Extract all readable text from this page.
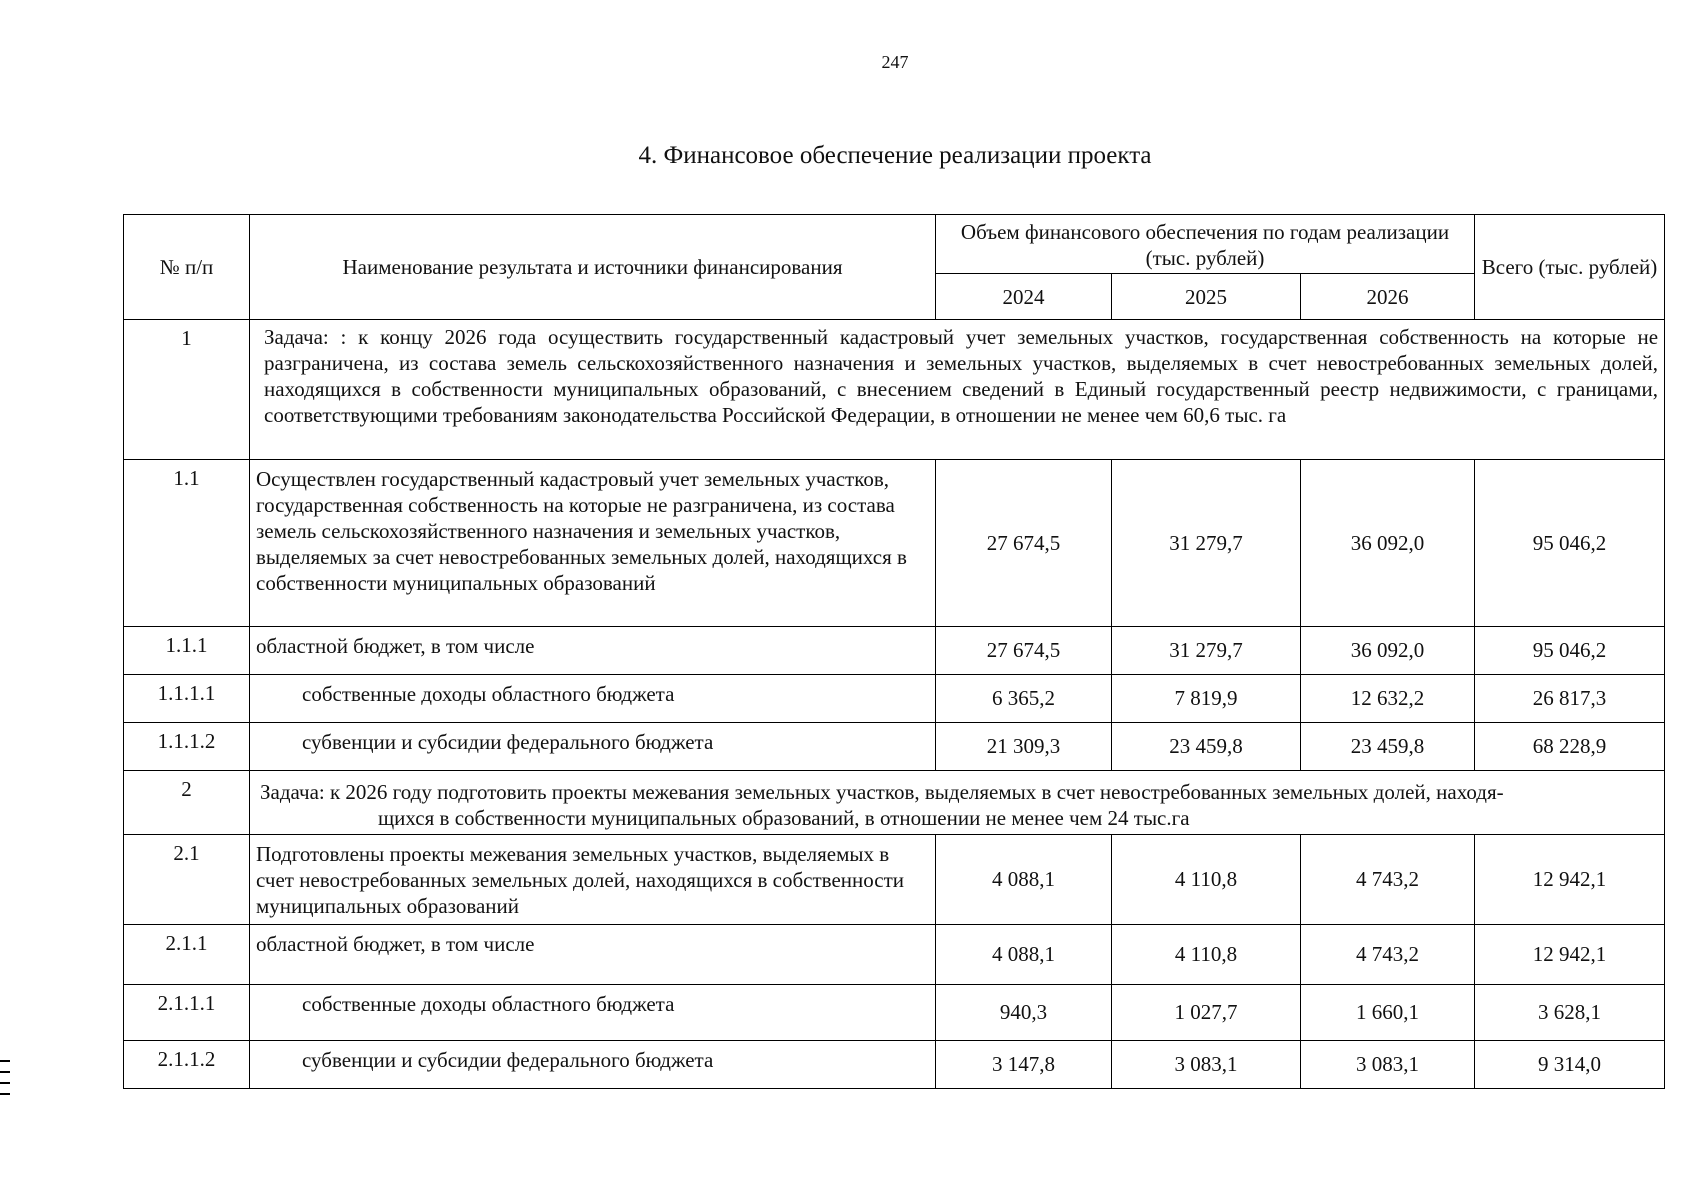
247
4. Финансовое обеспечение реализации проекта
№ п/п	Наименование результата и источники финансирования	Объем финансового обеспечения по годам реализации (тыс. рублей)			Всего (тыс. рублей)
		2024	2025	2026	
1	Задача: : к концу 2026 года осуществить государственный кадастровый учет земельных участков, государственная собственность на которые не разграничена, из состава земель сельскохозяйственного назначения и земельных участков, выделяемых в счет невостребованных земельных долей, находящихся в собственности муниципальных образований, с внесением сведений в Единый государственный реестр недвижимости, с границами, соответствующими требованиям законодательства Российской Федерации, в отношении не менее чем 60,6 тыс. га				
1.1	Осуществлен государственный кадастровый учет земельных участков, государственная собственность на которые не разграничена, из состава земель сельскохозяйственного назначения и земельных участков, выделяемых за счет невостребованных земельных долей, находящихся в собственности муниципальных образований	27 674,5	31 279,7	36 092,0	95 046,2
1.1.1	областной бюджет, в том числе	27 674,5	31 279,7	36 092,0	95 046,2
1.1.1.1	собственные доходы областного бюджета	6 365,2	7 819,9	12 632,2	26 817,3
1.1.1.2	субвенции и субсидии федерального бюджета	21 309,3	23 459,8	23 459,8	68 228,9
2	Задача: к 2026 году подготовить проекты межевания земельных участков, выделяемых в счет невостребованных земельных долей, находя-
щихся в собственности муниципальных образований, в отношении не менее чем 24 тыс.га				

2.1	Подготовлены проекты межевания земельных участков, выделяемых в счет невостребованных земельных долей, находящихся в собственности муниципальных образований	4 088,1	4 110,8	4 743,2	12 942,1
2.1.1	областной бюджет, в том числе	4 088,1	4 110,8	4 743,2	12 942,1
2.1.1.1	собственные доходы областного бюджета	940,3	1 027,7	1 660,1	3 628,1
2.1.1.2	субвенции и субсидии федерального бюджета	3 147,8	3 083,1	3 083,1	9 314,0
